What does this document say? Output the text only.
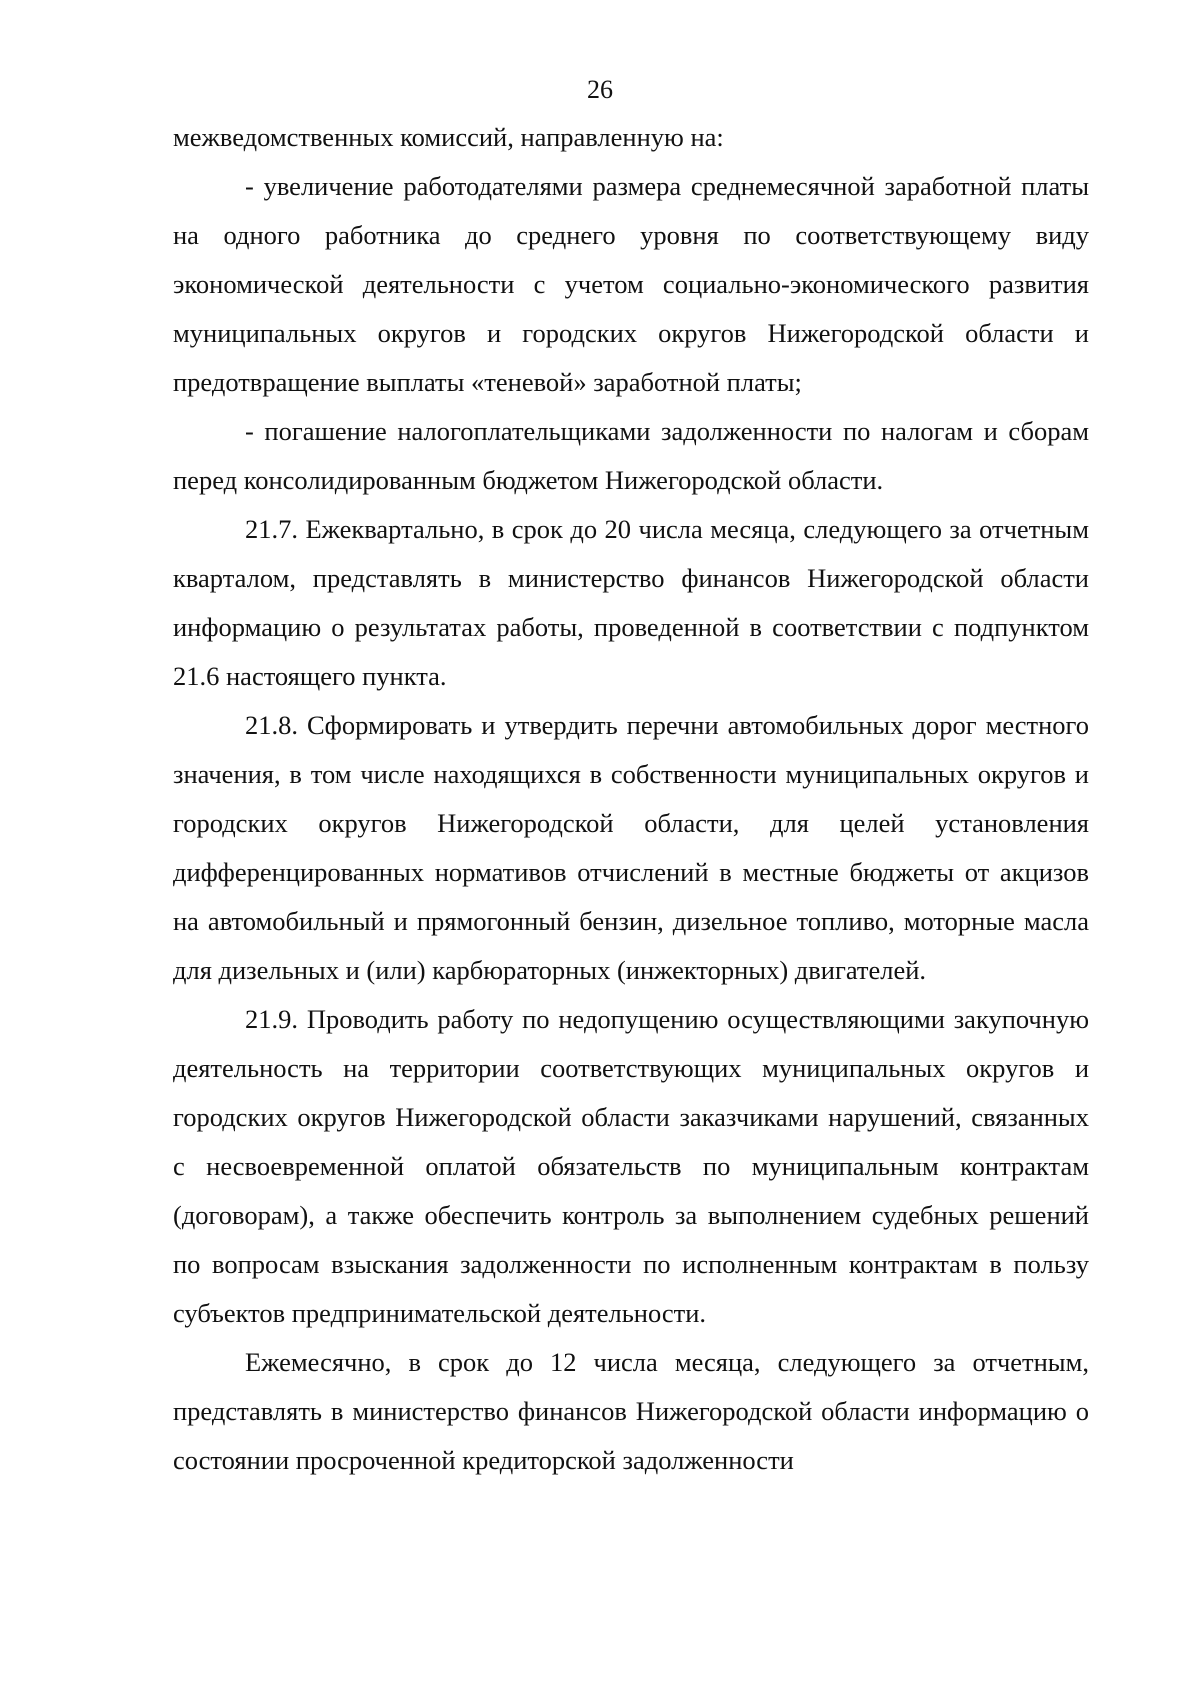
26

межведомственных комиссий, направленную на:

- увеличение работодателями размера среднемесячной заработной платы на одного работника до среднего уровня по соответствующему виду экономической деятельности с учетом социально-экономического развития муниципальных округов и городских округов Нижегородской области и предотвращение выплаты «теневой» заработной платы;

- погашение налогоплательщиками задолженности по налогам и сборам перед консолидированным бюджетом Нижегородской области.

21.7. Ежеквартально, в срок до 20 числа месяца, следующего за отчетным кварталом, представлять в министерство финансов Нижегородской области информацию о результатах работы, проведенной в соответствии с подпунктом 21.6 настоящего пункта.

21.8. Сформировать и утвердить перечни автомобильных дорог местного значения, в том числе находящихся в собственности муниципальных округов и городских округов Нижегородской области, для целей установления дифференцированных нормативов отчислений в местные бюджеты от акцизов на автомобильный и прямогонный бензин, дизельное топливо, моторные масла для дизельных и (или) карбюраторных (инжекторных) двигателей.

21.9. Проводить работу по недопущению осуществляющими закупочную деятельность на территории соответствующих муниципальных округов и городских округов Нижегородской области заказчиками нарушений, связанных с несвоевременной оплатой обязательств по муниципальным контрактам (договорам), а также обеспечить контроль за выполнением судебных решений по вопросам взыскания задолженности по исполненным контрактам в пользу субъектов предпринимательской деятельности.

Ежемесячно, в срок до 12 числа месяца, следующего за отчетным, представлять в министерство финансов Нижегородской области информацию о состоянии просроченной кредиторской задолженности
